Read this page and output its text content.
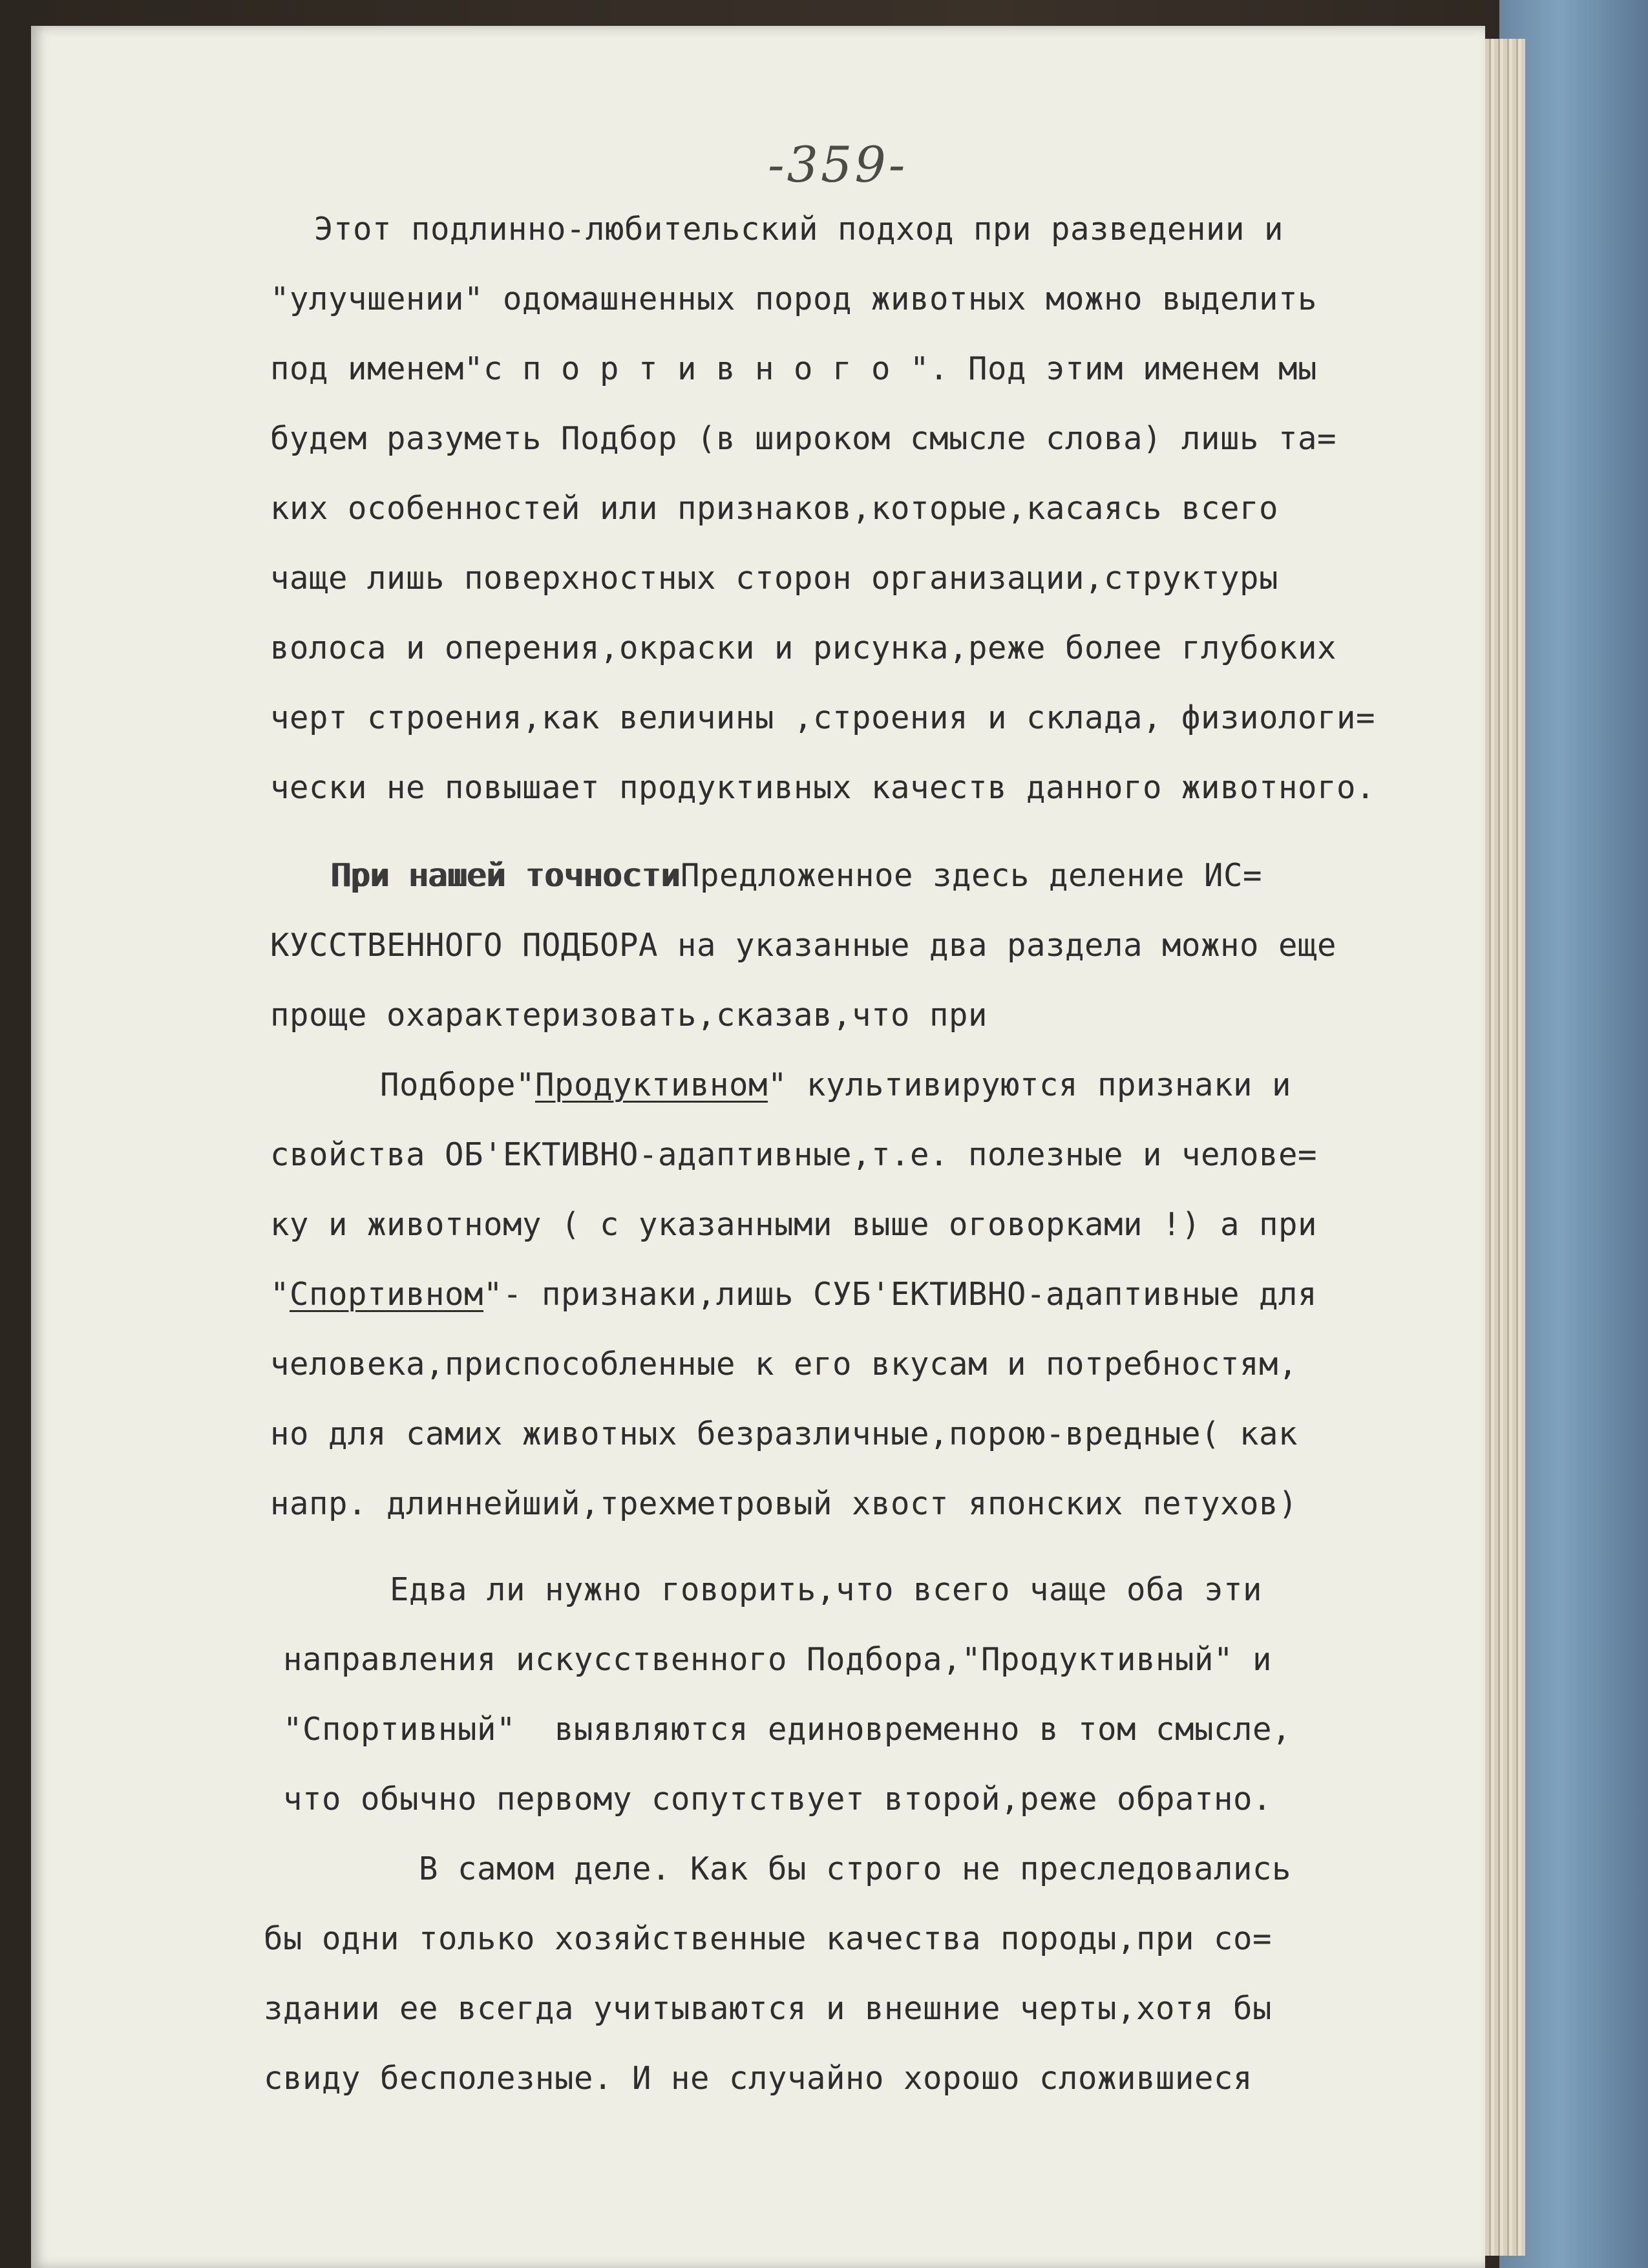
-359-
Этот подлинно-любительский подход при разведении и
"улучшении" одомашненных пород животных можно выделить
под именем"с п о р т и в н о г о ". Под этим именем мы
будем разуметь Подбор (в широком смысле слова) лишь та=
ких особенностей или признаков,которые,касаясь всего
чаще лишь поверхностных сторон организации,структуры
волоса и оперения,окраски и рисунка,реже более глубоких
черт строения,как величины ,строения и склада, физиологи=
чески не повышает продуктивных качеств данного животного.
При нашей точностиПредложенное здесь деление ИС=
КУССТВЕННОГО ПОДБОРА на указанные два раздела можно еще
проще охарактеризовать,сказав,что при
Подборе"Продуктивном" культивируются признаки и
свойства ОБ'ЕКТИВНО-адаптивные,т.е. полезные и челове=
ку и животному ( с указанными выше оговорками !) а при
"Спортивном"- признаки,лишь СУБ'ЕКТИВНО-адаптивные для
человека,приспособленные к его вкусам и потребностям,
но для самих животных безразличные,порою-вредные( как
напр. длиннейший,трехметровый хвост японских петухов)
Едва ли нужно говорить,что всего чаще оба эти
направления искусственного Подбора,"Продуктивный" и
"Спортивный"  выявляются единовременно в том смысле,
что обычно первому сопутствует второй,реже обратно.
В самом деле. Как бы строго не преследовались
бы одни только хозяйственные качества породы,при со=
здании ее всегда учитываются и внешние черты,хотя бы
свиду бесполезные. И не случайно хорошо сложившиеся
